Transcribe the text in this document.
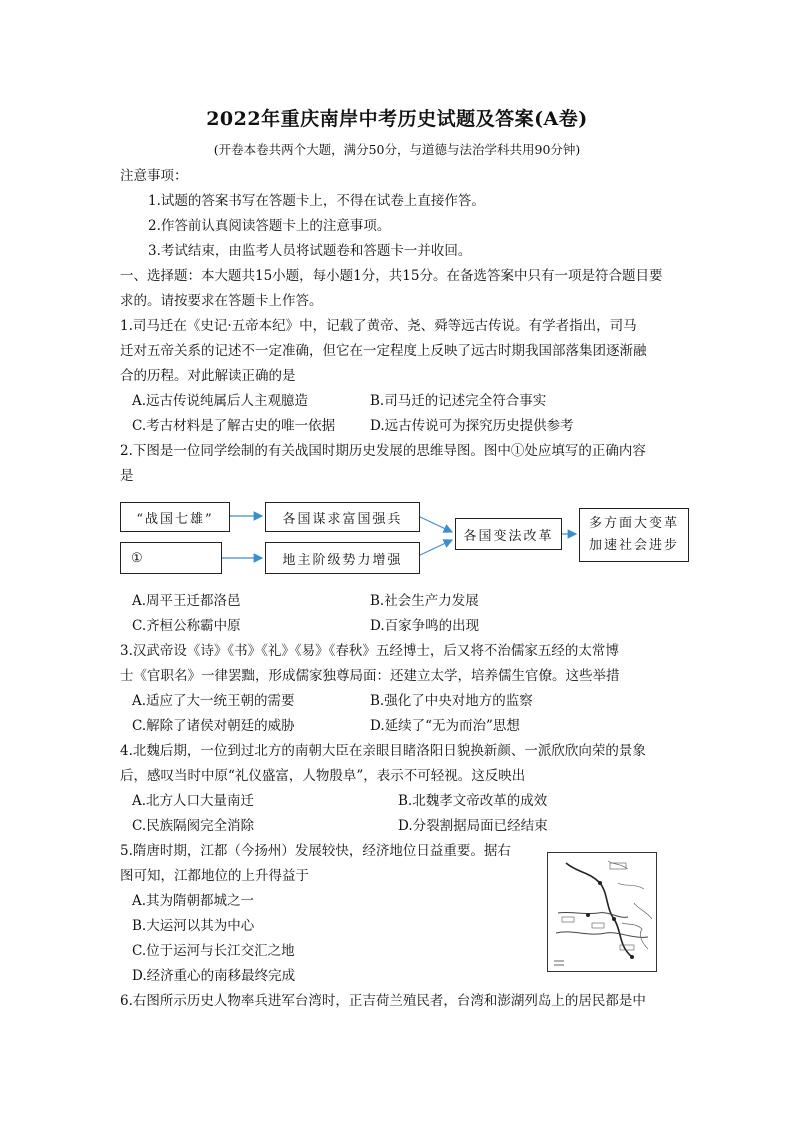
2022年重庆南岸中考历史试题及答案(A卷)
(开卷本卷共两个大题，满分50分，与道德与法治学科共用90分钟)
注意事项：
1.试题的答案书写在答题卡上，不得在试卷上直接作答。
2.作答前认真阅读答题卡上的注意事项。
3.考试结束，由监考人员将试题卷和答题卡一并收回。
一、选择题：本大题共15小题，每小题1分，共15分。在备选答案中只有一项是符合题目要
求的。请按要求在答题卡上作答。
1.司马迁在《史记·五帝本纪》中，记载了黄帝、尧、舜等远古传说。有学者指出，司马
迁对五帝关系的记述不一定准确，但它在一定程度上反映了远古时期我国部落集团逐渐融
合的历程。对此解读正确的是
A.远古传说纯属后人主观臆造	B.司马迁的记述完全符合事实
C.考古材料是了解古史的唯一依据	D.远古传说可为探究历史提供参考
2.下图是一位同学绘制的有关战国时期历史发展的思维导图。图中①处应填写的正确内容
是
“战国七雄”
①
各国谋求富国强兵
地主阶级势力增强
各国变法改革
多方面大变革
加速社会进步
A.周平王迁都洛邑	B.社会生产力发展
C.齐桓公称霸中原	D.百家争鸣的出现
3.汉武帝设《诗》《书》《礼》《易》《春秋》五经博士，后又将不治儒家五经的太常博
士《官职名》一律罢黜，形成儒家独尊局面：还建立太学，培养儒生官僚。这些举措
A.适应了大一统王朝的需要	B.强化了中央对地方的监察
C.解除了诸侯对朝廷的威胁	D.延续了“无为而治”思想
4.北魏后期，一位到过北方的南朝大臣在亲眼目睹洛阳日貌换新颜、一派欣欣向荣的景象
后，感叹当时中原“礼仪盛富，人物殷阜”，表示不可轻视。这反映出
A.北方人口大量南迁	B.北魏孝文帝改革的成效
C.民族隔阂完全消除	D.分裂割据局面已经结束
5.隋唐时期，江都（今扬州）发展较快，经济地位日益重要。据右
图可知，江都地位的上升得益于
A.其为隋朝都城之一
B.大运河以其为中心
C.位于运河与长江交汇之地
D.经济重心的南移最终完成
6.右图所示历史人物率兵进军台湾时，正吉荷兰殖民者，台湾和澎湖列岛上的居民都是中
